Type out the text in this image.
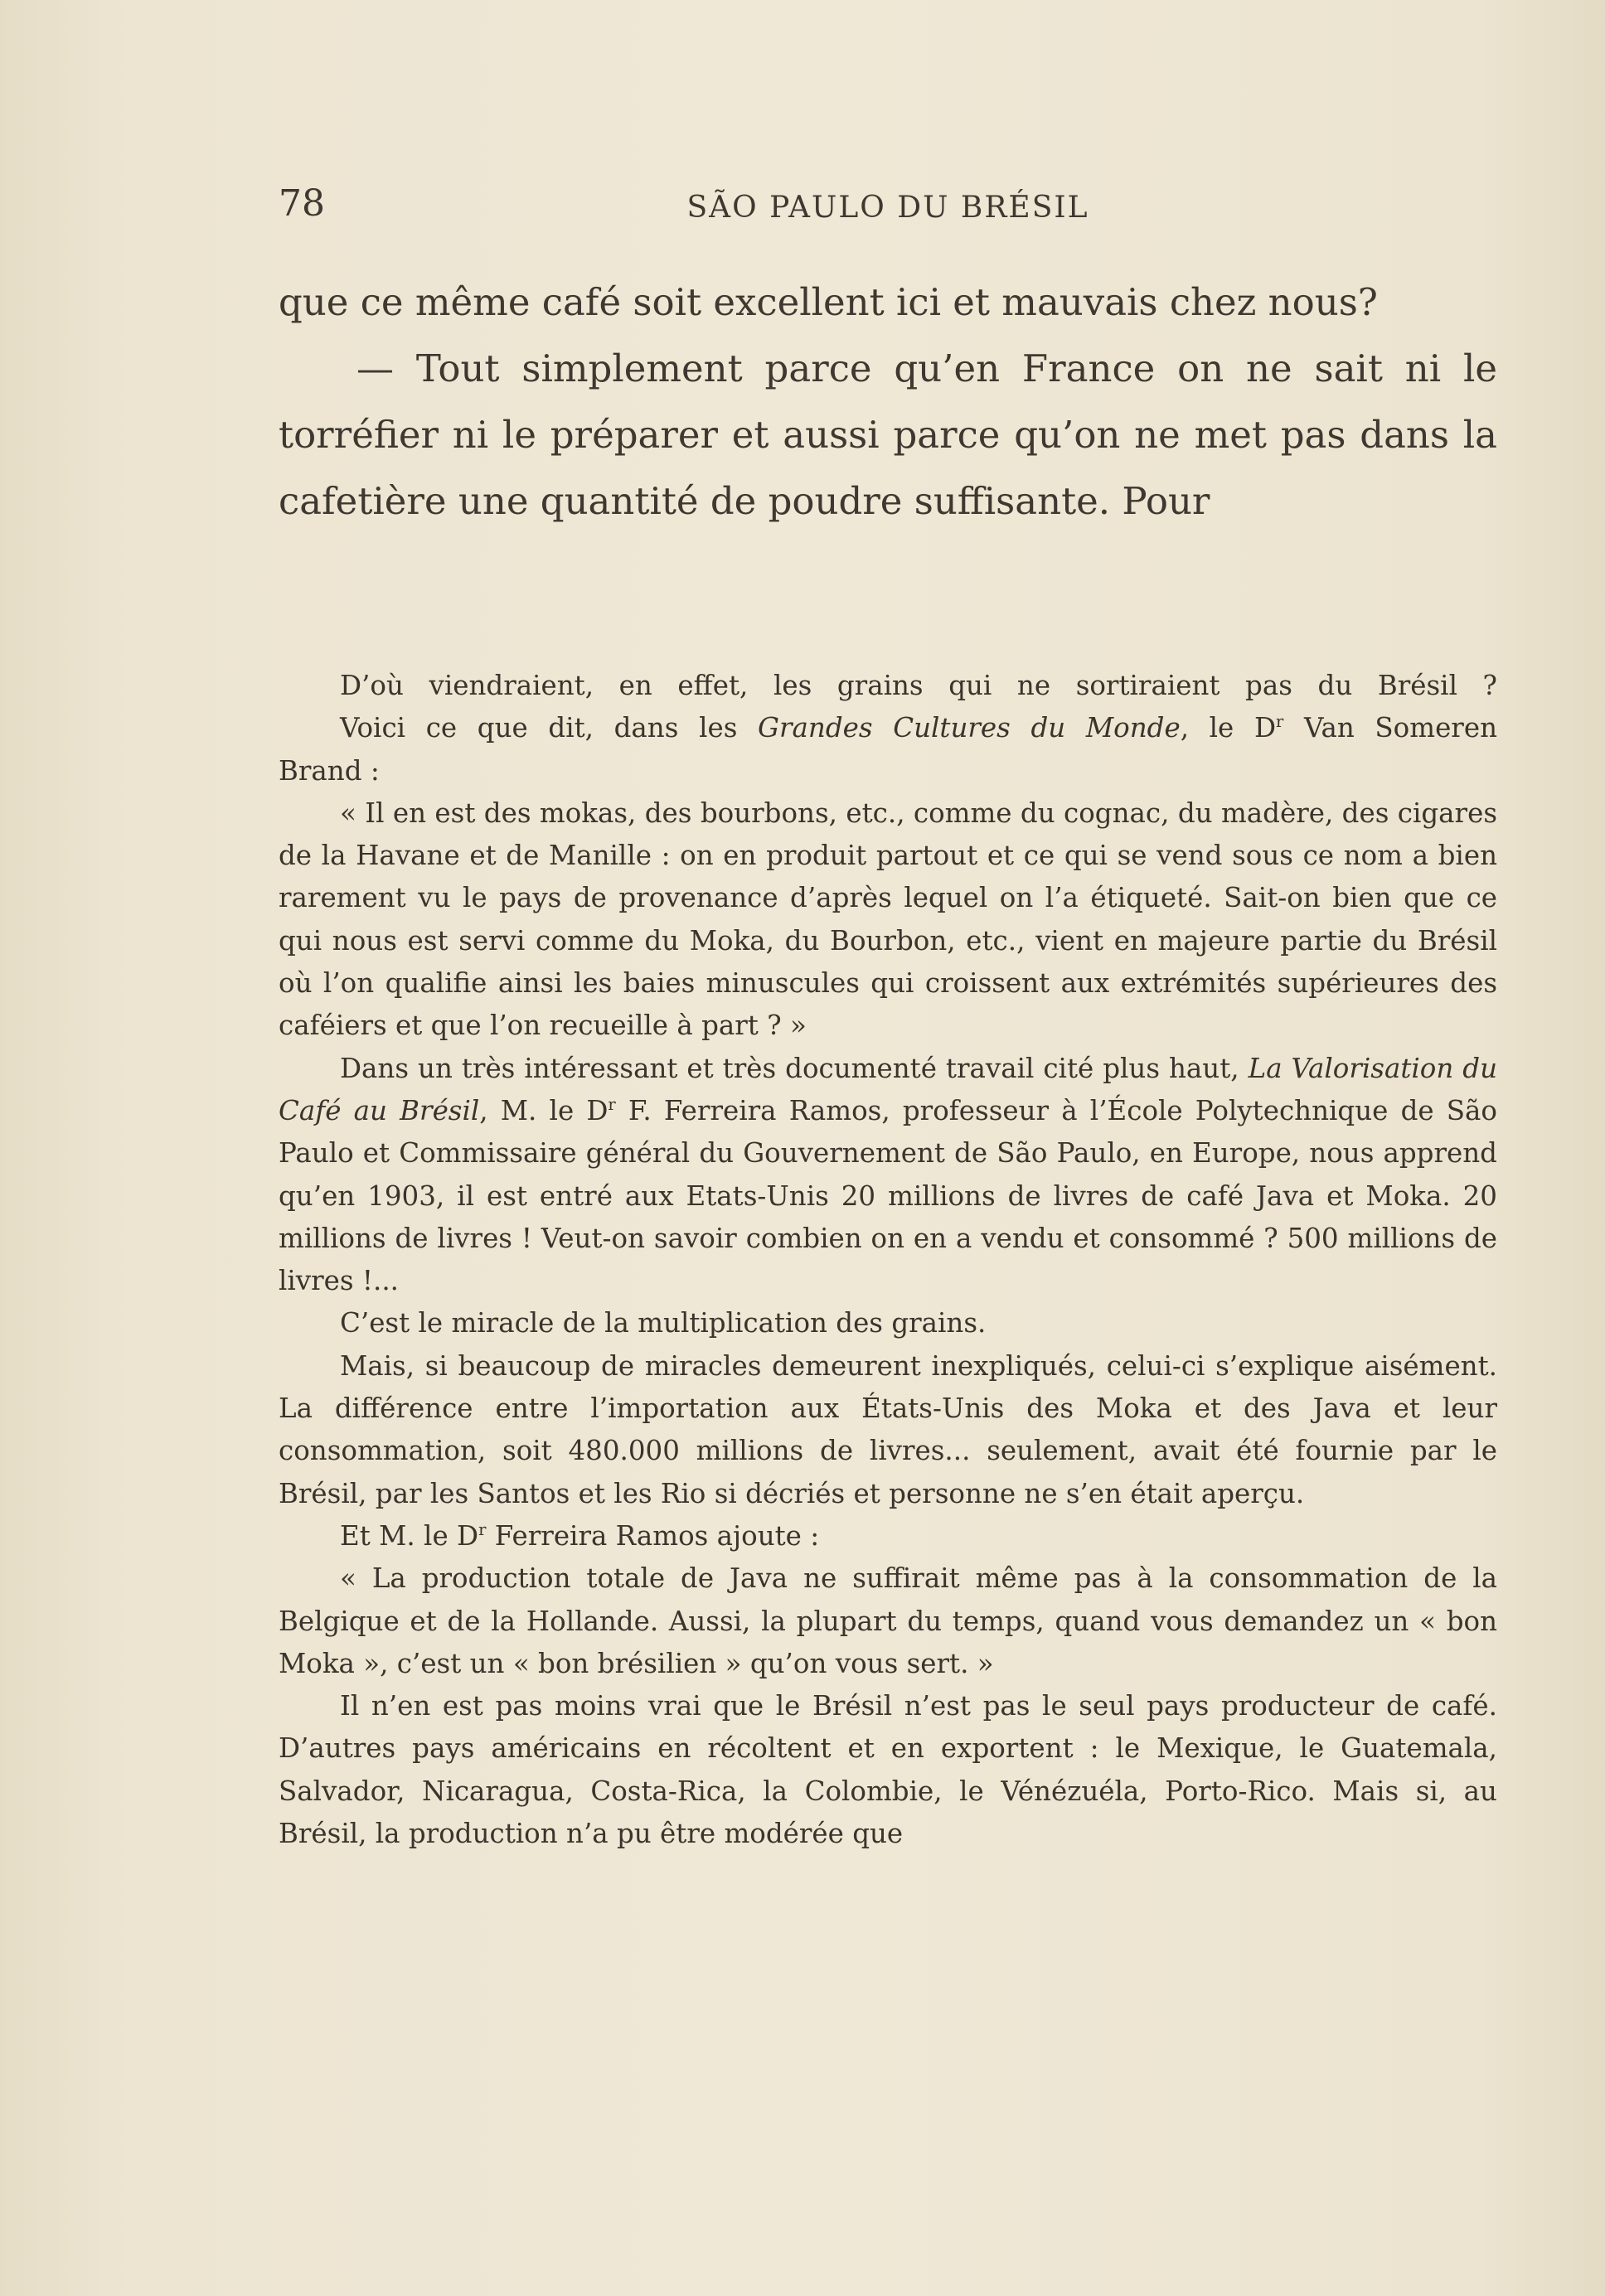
78	SÃO PAULO DU BRÉSIL

que ce même café soit excellent ici et mauvais chez nous?

— Tout simplement parce qu’en France on ne sait ni le torréfier ni le préparer et aussi parce qu’on ne met pas dans la cafetière une quantité de poudre suffisante. Pour

D’où viendraient, en effet, les grains qui ne sortiraient pas du Brésil ?
Voici ce que dit, dans les Grandes Cultures du Monde, le $D^r$ Van Someren
Brand :

« Il en est des mokas, des bourbons, etc., comme du cognac, du madère, des cigares de la Havane et de Manille : on en produit partout et ce qui se vend sous ce nom a bien rarement vu le pays de provenance d’après lequel on l’a étiqueté. Sait-on bien que ce qui nous est servi comme du Moka, du Bourbon, etc., vient en majeure partie du Brésil où l’on qualifie ainsi les baies minuscules qui croissent aux extrémités supérieures des caféiers et que l’on recueille à part ? »

Dans un très intéressant et très documenté travail cité plus haut, La Valorisation du Café au Brésil, M. le $D^r$ F. Ferreira Ramos, professeur à l’École Polytechnique de São Paulo et Commissaire général du Gouvernement de São Paulo, en Europe, nous apprend qu’en 1903, il est entré aux Etats-Unis 20 millions de livres de café Java et Moka. 20 millions de livres ! Veut-on savoir combien on en a vendu et consommé ? 500 millions de livres !...

C’est le miracle de la multiplication des grains.

Mais, si beaucoup de miracles demeurent inexpliqués, celui-ci s’explique aisément. La différence entre l’importation aux États-Unis des Moka et des Java et leur consommation, soit 480.000 millions de livres... seulement, avait été fournie par le Brésil, par les Santos et les Rio si décriés et personne ne s’en était aperçu.

Et M. le $D^r$ Ferreira Ramos ajoute :

« La production totale de Java ne suffirait même pas à la consommation de la Belgique et de la Hollande. Aussi, la plupart du temps, quand vous demandez un « bon Moka », c’est un « bon brésilien » qu’on vous sert. »

Il n’en est pas moins vrai que le Brésil n’est pas le seul pays producteur de café. D’autres pays américains en récoltent et en exportent : le Mexique, le Guatemala, Salvador, Nicaragua, Costa-Rica, la Colombie, le Vénézuéla, Porto-Rico. Mais si, au Brésil, la production n’a pu être modérée que
